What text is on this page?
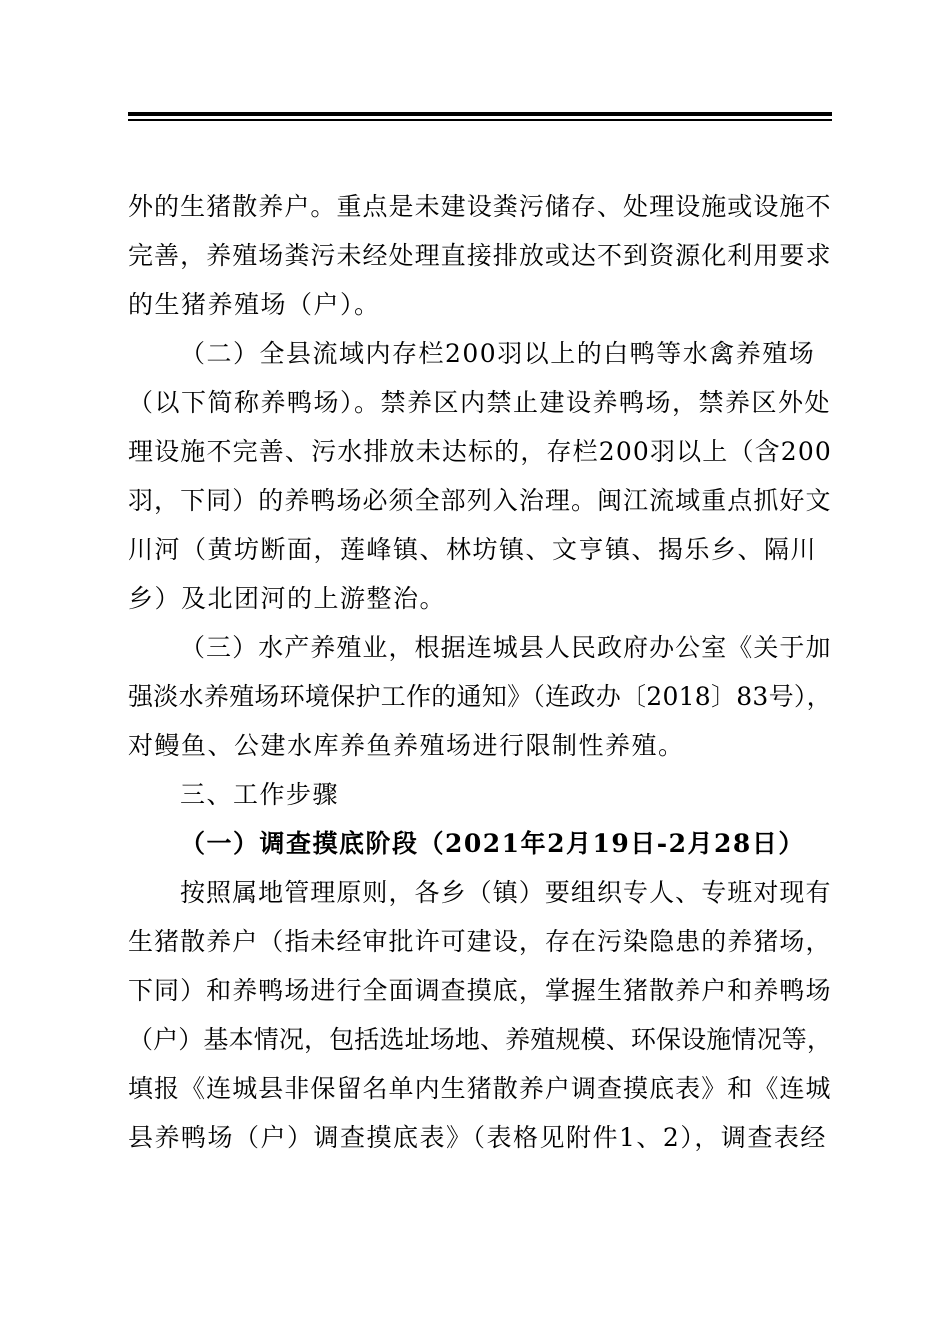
外的生猪散养户。重点是未建设粪污储存、处理设施或设施不
完善，养殖场粪污未经处理直接排放或达不到资源化利用要求
的生猪养殖场（户）。
（二）全县流域内存栏200羽以上的白鸭等水禽养殖场
（以下简称养鸭场）。禁养区内禁止建设养鸭场，禁养区外处
理设施不完善、污水排放未达标的，存栏200羽以上（含200
羽，下同）的养鸭场必须全部列入治理。闽江流域重点抓好文
川河（黄坊断面，莲峰镇、林坊镇、文亨镇、揭乐乡、隔川
乡）及北团河的上游整治。
（三）水产养殖业，根据连城县人民政府办公室《关于加
强淡水养殖场环境保护工作的通知》（连政办〔2018〕83号），
对鳗鱼、公建水库养鱼养殖场进行限制性养殖。
三、工作步骤
（一）调查摸底阶段（2021年2月19日-2月28日）
按照属地管理原则，各乡（镇）要组织专人、专班对现有
生猪散养户（指未经审批许可建设，存在污染隐患的养猪场，
下同）和养鸭场进行全面调查摸底，掌握生猪散养户和养鸭场
（户）基本情况，包括选址场地、养殖规模、环保设施情况等，
填报《连城县非保留名单内生猪散养户调查摸底表》和《连城
县养鸭场（户）调查摸底表》（表格见附件1、2），调查表经
